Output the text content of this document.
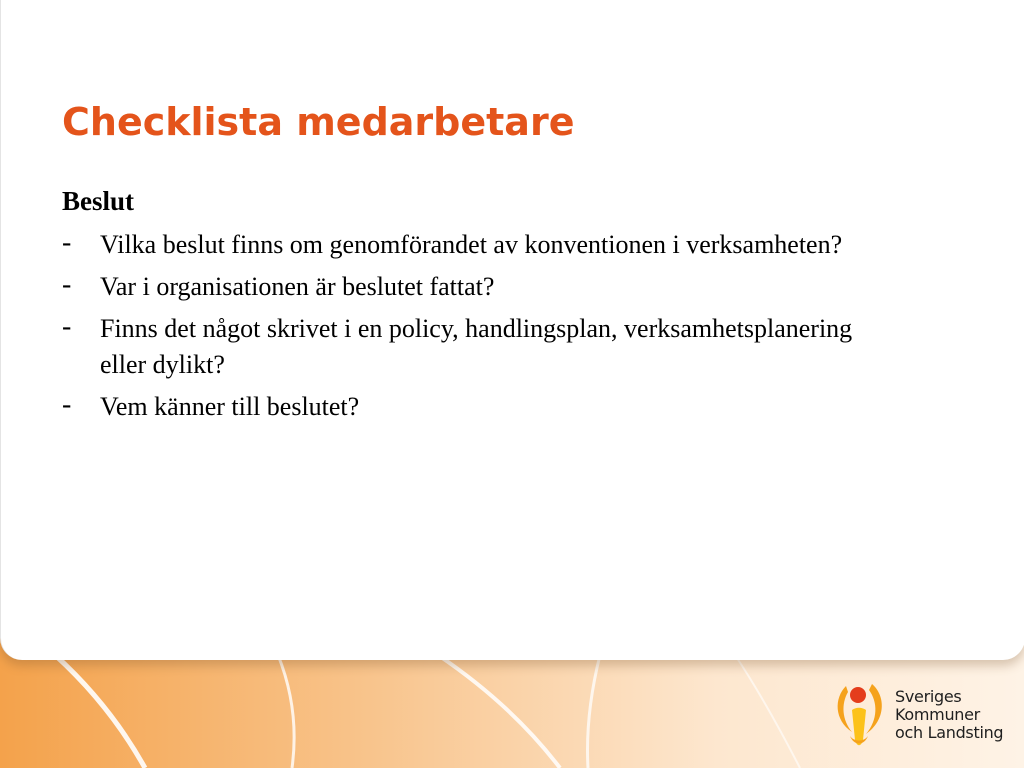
Checklista medarbetare
Beslut
- Vilka beslut finns om genomförandet av konventionen i verksamheten?
- Var i organisationen är beslutet fattat?
- Finns det något skrivet i en policy, handlingsplan, verksamhetsplanering eller dylikt?
- Vem känner till beslutet?
Sveriges
Kommuner
och Landsting
